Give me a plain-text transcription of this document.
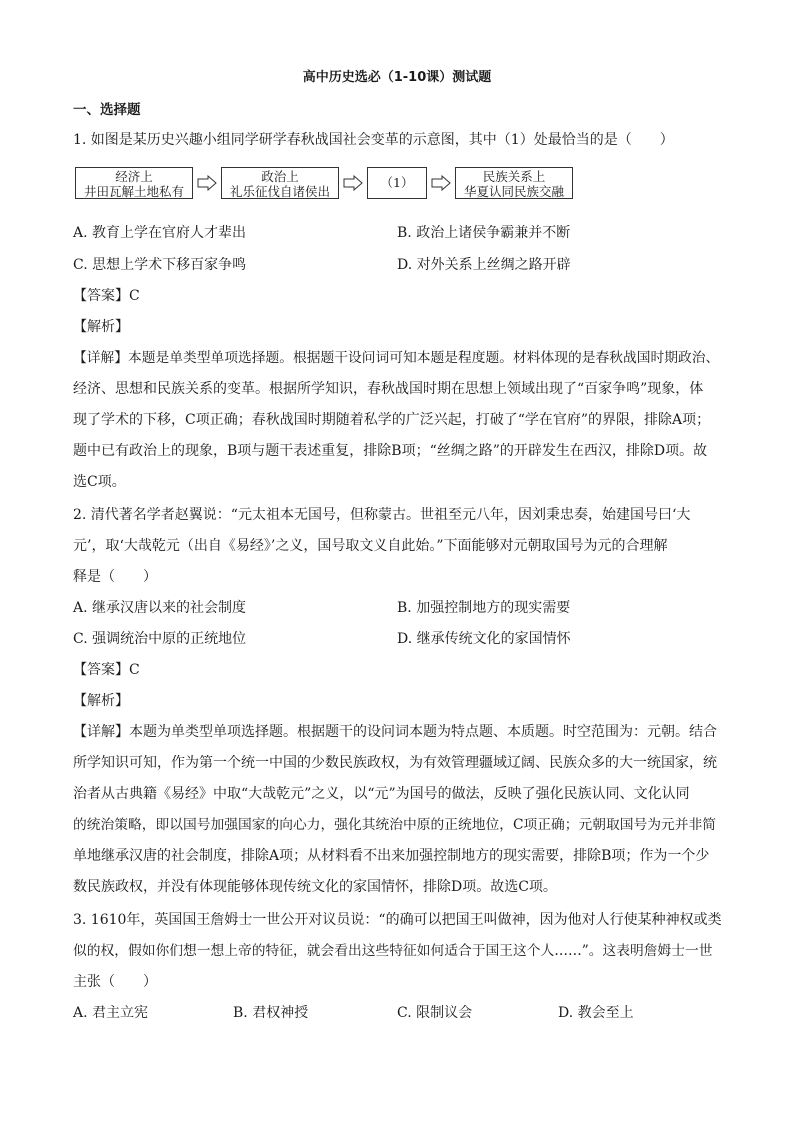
高中历史选必（1-10课）测试题
一、选择题
1. 如图是某历史兴趣小组同学研学春秋战国社会变革的示意图，其中（1）处最恰当的是（　　）
经济上
井田瓦解土地私有
政治上
礼乐征伐自诸侯出
（1）	民族关系上
华夏认同民族交融
A. 教育上学在官府人才辈出	B. 政治上诸侯争霸兼并不断
C. 思想上学术下移百家争鸣	D. 对外关系上丝绸之路开辟
【答案】C
【解析】
【详解】本题是单类型单项选择题。根据题干设问词可知本题是程度题。材料体现的是春秋战国时期政治、
经济、思想和民族关系的变革。根据所学知识，春秋战国时期在思想上领域出现了“百家争鸣”现象，体
现了学术的下移，C项正确；春秋战国时期随着私学的广泛兴起，打破了“学在官府”的界限，排除A项；
题中已有政治上的现象，B项与题干表述重复，排除B项；“丝绸之路”的开辟发生在西汉，排除D项。故
选C项。
2. 清代著名学者赵翼说：“元太祖本无国号，但称蒙古。世祖至元八年，因刘秉忠奏，始建国号曰‘大
元’，取‘大哉乾元（出自《易经》’之义，国号取文义自此始。”下面能够对元朝取国号为元的合理解
释是（　　）
A. 继承汉唐以来的社会制度	B. 加强控制地方的现实需要
C. 强调统治中原的正统地位	D. 继承传统文化的家国情怀
【答案】C
【解析】
【详解】本题为单类型单项选择题。根据题干的设问词本题为特点题、本质题。时空范围为：元朝。结合
所学知识可知，作为第一个统一中国的少数民族政权，为有效管理疆域辽阔、民族众多的大一统国家，统
治者从古典籍《易经》中取“大哉乾元”之义，以“元”为国号的做法，反映了强化民族认同、文化认同
的统治策略，即以国号加强国家的向心力，强化其统治中原的正统地位，C项正确；元朝取国号为元并非简
单地继承汉唐的社会制度，排除A项；从材料看不出来加强控制地方的现实需要，排除B项；作为一个少
数民族政权，并没有体现能够体现传统文化的家国情怀，排除D项。故选C项。
3. 1610年，英国国王詹姆士一世公开对议员说：“的确可以把国王叫做神，因为他对人行使某种神权或类
似的权，假如你们想一想上帝的特征，就会看出这些特征如何适合于国王这个人……”。这表明詹姆士一世
主张（　　）
A. 君主立宪	B. 君权神授	C. 限制议会	D. 教会至上
